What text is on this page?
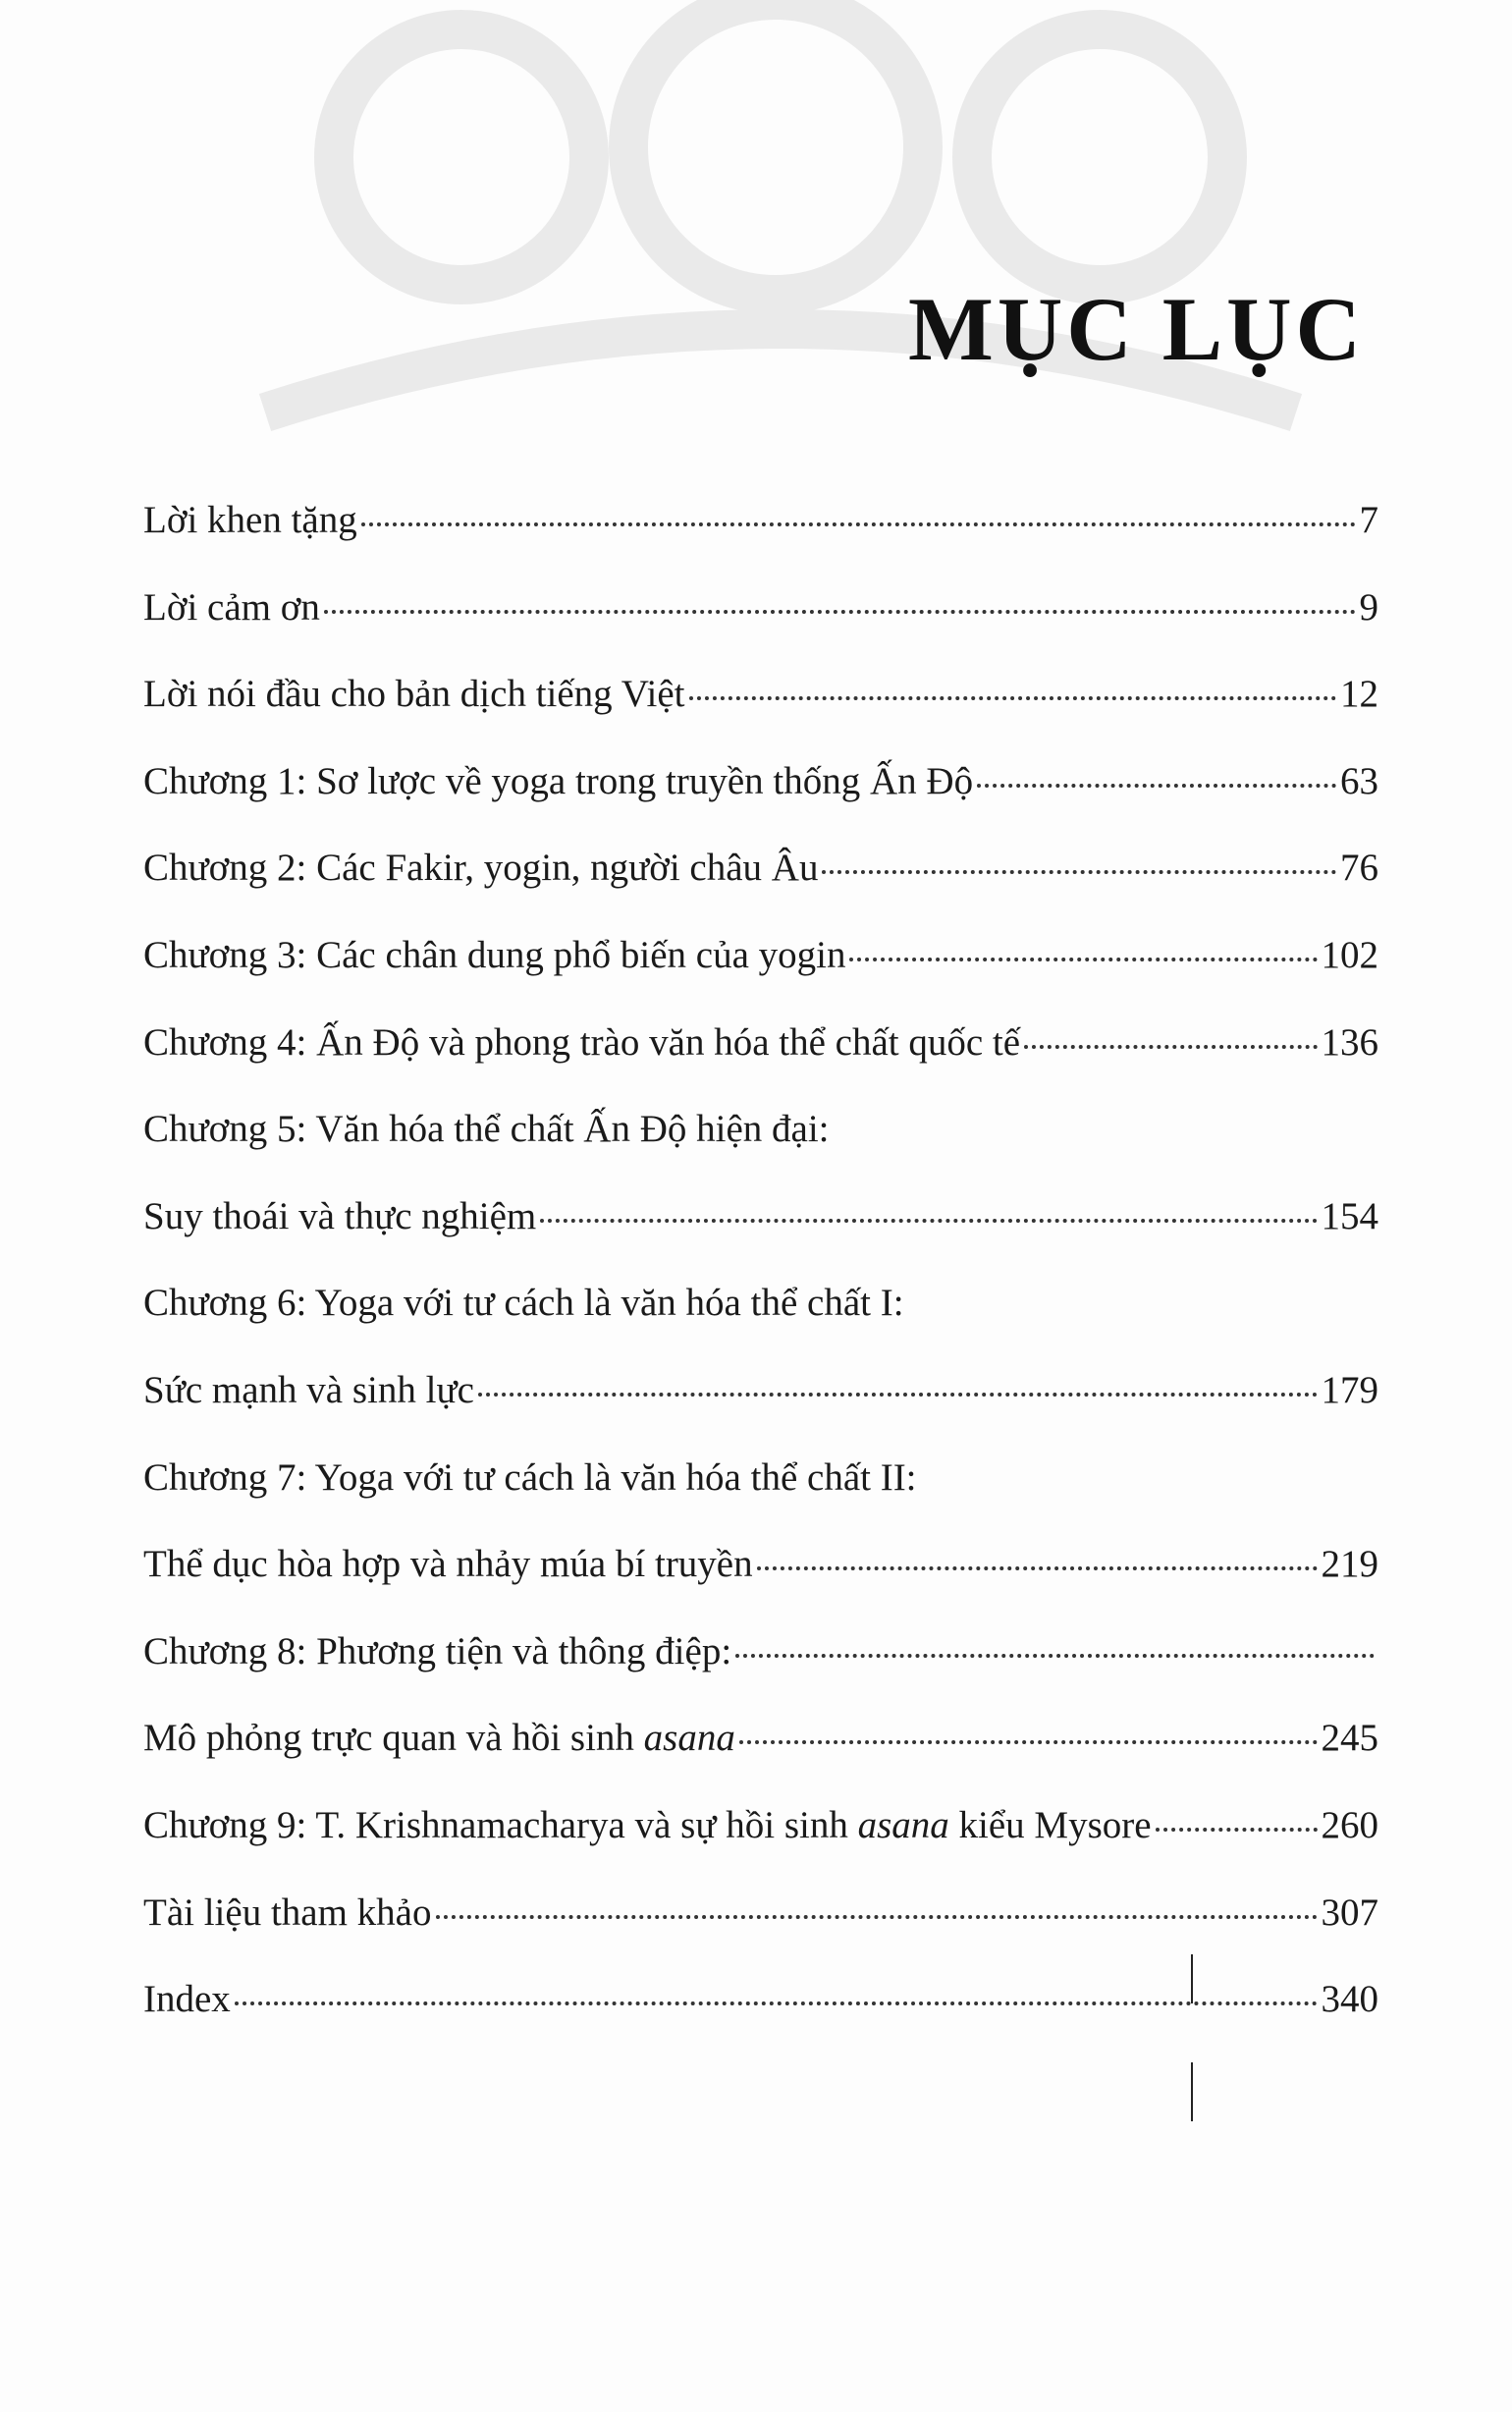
MỤC LỤC
Lời khen tặng	7
Lời cảm ơn	9
Lời nói đầu cho bản dịch tiếng Việt	12
Chương 1: Sơ lược về yoga trong truyền thống Ấn Độ	63
Chương 2: Các Fakir, yogin, người châu Âu	76
Chương 3: Các chân dung phổ biến của yogin	102
Chương 4: Ấn Độ và phong trào văn hóa thể chất quốc tế	136
Chương 5: Văn hóa thể chất Ấn Độ hiện đại:
Suy thoái và thực nghiệm	154
Chương 6: Yoga với tư cách là văn hóa thể chất I:
Sức mạnh và sinh lực	179
Chương 7: Yoga với tư cách là văn hóa thể chất II:
Thể dục hòa hợp và nhảy múa bí truyền	219
Chương 8: Phương tiện và thông điệp:
Mô phỏng trực quan và hồi sinh asana	245
Chương 9: T. Krishnamacharya và sự hồi sinh asana kiểu Mysore	260
Tài liệu tham khảo	307
Index	340
